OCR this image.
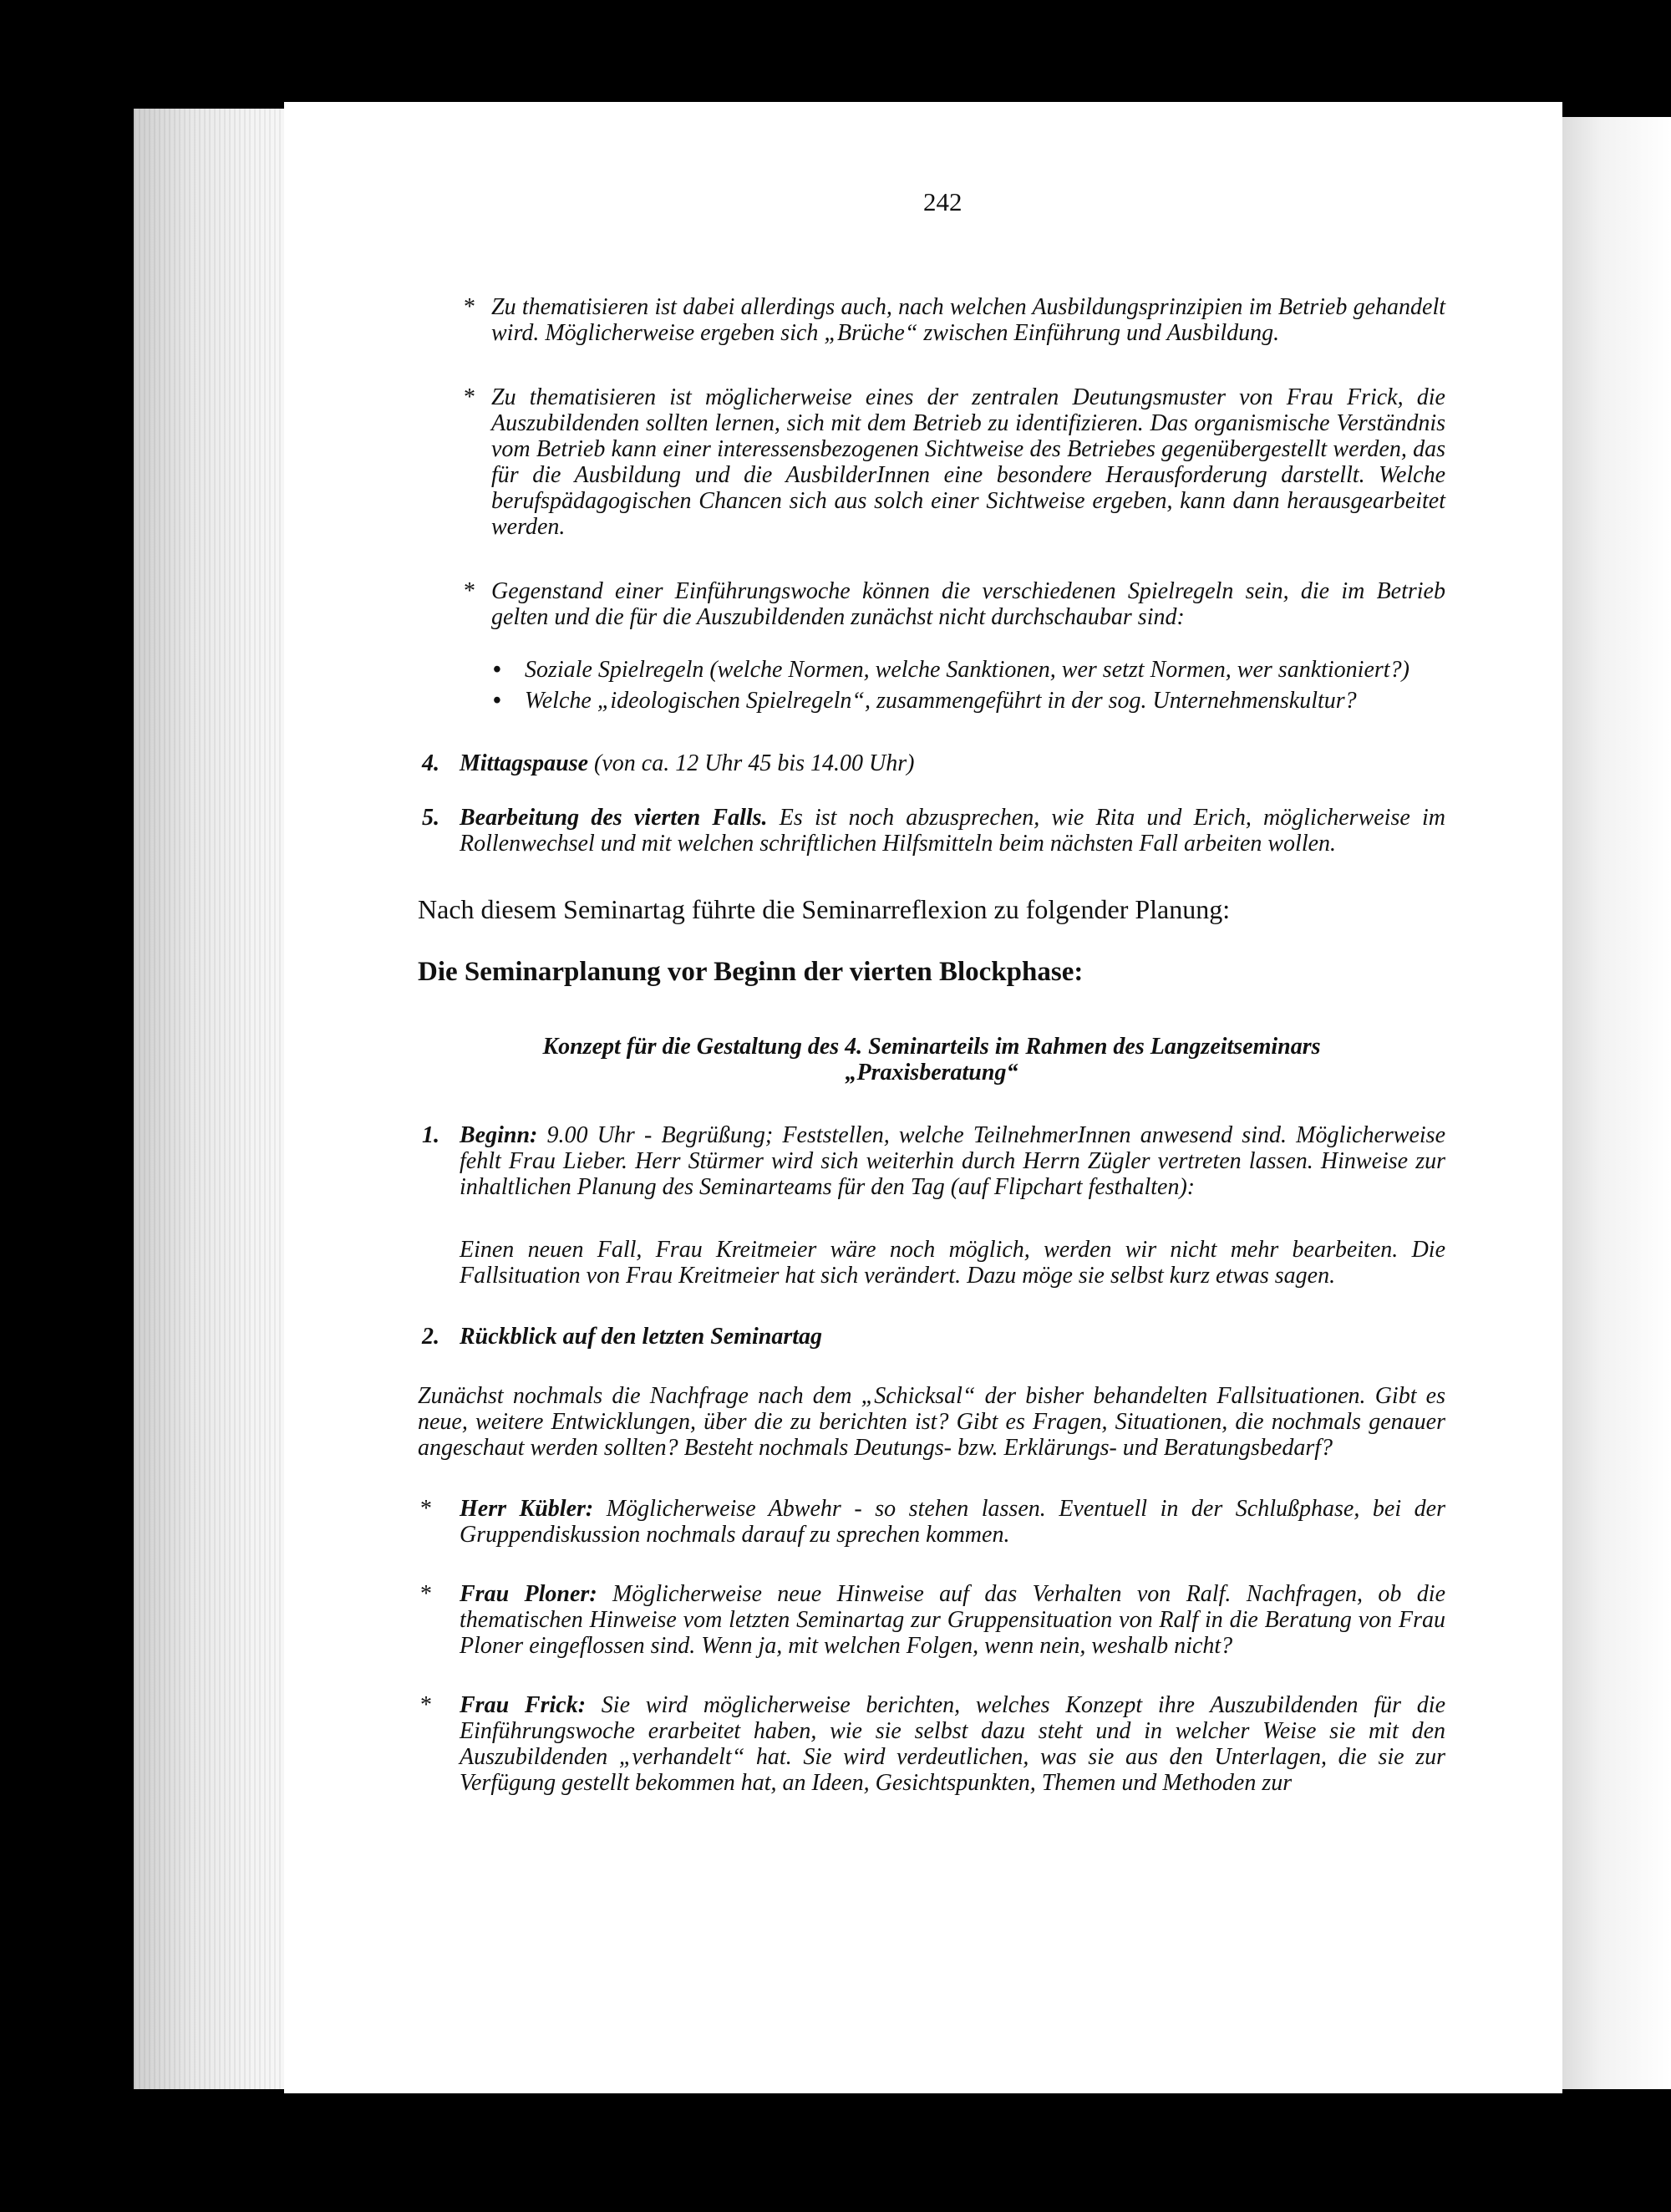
242
* Zu thematisieren ist dabei allerdings auch, nach welchen Ausbildungsprinzipien im Betrieb gehandelt wird. Möglicherweise ergeben sich „Brüche“ zwischen Einführung und Ausbildung.
* Zu thematisieren ist möglicherweise eines der zentralen Deutungsmuster von Frau Frick, die Auszubildenden sollten lernen, sich mit dem Betrieb zu identifizieren. Das organismische Verständnis vom Betrieb kann einer interessensbezogenen Sichtweise des Betriebes gegenübergestellt werden, das für die Ausbildung und die AusbilderInnen eine besondere Herausforderung darstellt. Welche berufspädagogischen Chancen sich aus solch einer Sichtweise ergeben, kann dann herausgearbeitet werden.
* Gegenstand einer Einführungswoche können die verschiedenen Spielregeln sein, die im Betrieb gelten und die für die Auszubildenden zunächst nicht durchschaubar sind:
• Soziale Spielregeln (welche Normen, welche Sanktionen, wer setzt Normen, wer sanktioniert?)
• Welche „ideologischen Spielregeln“, zusammengeführt in der sog. Unternehmenskultur?
4. Mittagspause (von ca. 12 Uhr 45 bis 14.00 Uhr)
5. Bearbeitung des vierten Falls. Es ist noch abzusprechen, wie Rita und Erich, möglicherweise im Rollenwechsel und mit welchen schriftlichen Hilfsmitteln beim nächsten Fall arbeiten wollen.
Nach diesem Seminartag führte die Seminarreflexion zu folgender Planung:
Die Seminarplanung vor Beginn der vierten Blockphase:
Konzept für die Gestaltung des 4. Seminarteils im Rahmen des Langzeitseminars
„Praxisberatung“
1. Beginn: 9.00 Uhr - Begrüßung; Feststellen, welche TeilnehmerInnen anwesend sind. Möglicherweise fehlt Frau Lieber. Herr Stürmer wird sich weiterhin durch Herrn Zügler vertreten lassen. Hinweise zur inhaltlichen Planung des Seminarteams für den Tag (auf Flipchart festhalten):
Einen neuen Fall, Frau Kreitmeier wäre noch möglich, werden wir nicht mehr bearbeiten. Die Fallsituation von Frau Kreitmeier hat sich verändert. Dazu möge sie selbst kurz etwas sagen.
2. Rückblick auf den letzten Seminartag
Zunächst nochmals die Nachfrage nach dem „Schicksal“ der bisher behandelten Fallsituationen. Gibt es neue, weitere Entwicklungen, über die zu berichten ist? Gibt es Fragen, Situationen, die nochmals genauer angeschaut werden sollten? Besteht nochmals Deutungs- bzw. Erklärungs- und Beratungsbedarf?
* Herr Kübler: Möglicherweise Abwehr - so stehen lassen. Eventuell in der Schlußphase, bei der Gruppendiskussion nochmals darauf zu sprechen kommen.
* Frau Ploner: Möglicherweise neue Hinweise auf das Verhalten von Ralf. Nachfragen, ob die thematischen Hinweise vom letzten Seminartag zur Gruppensituation von Ralf in die Beratung von Frau Ploner eingeflossen sind. Wenn ja, mit welchen Folgen, wenn nein, weshalb nicht?
* Frau Frick: Sie wird möglicherweise berichten, welches Konzept ihre Auszubildenden für die Einführungswoche erarbeitet haben, wie sie selbst dazu steht und in welcher Weise sie mit den Auszubildenden „verhandelt“ hat. Sie wird verdeutlichen, was sie aus den Unterlagen, die sie zur Verfügung gestellt bekommen hat, an Ideen, Gesichtspunkten, Themen und Methoden zur
